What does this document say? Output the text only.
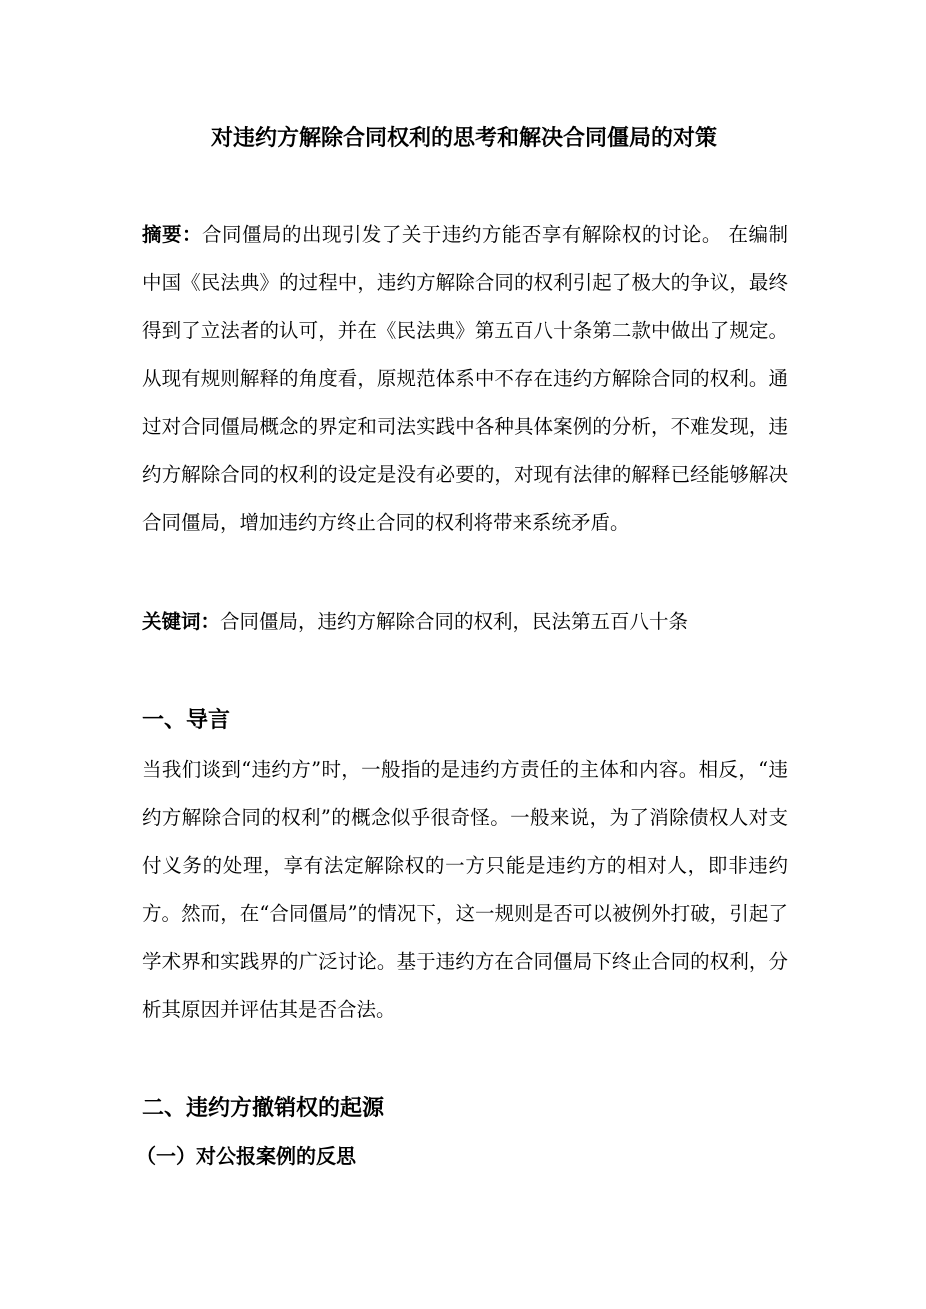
对违约方解除合同权利的思考和解决合同僵局的对策
摘要：合同僵局的出现引发了关于违约方能否享有解除权的讨论。 在编制中国《民法典》的过程中，违约方解除合同的权利引起了极大的争议，最终得到了立法者的认可，并在《民法典》第五百八十条第二款中做出了规定。从现有规则解释的角度看，原规范体系中不存在违约方解除合同的权利。通过对合同僵局概念的界定和司法实践中各种具体案例的分析，不难发现，违约方解除合同的权利的设定是没有必要的，对现有法律的解释已经能够解决合同僵局，增加违约方终止合同的权利将带来系统矛盾。
关键词：合同僵局，违约方解除合同的权利，民法第五百八十条
一、导言
当我们谈到“违约方”时，一般指的是违约方责任的主体和内容。相反，“违约方解除合同的权利”的概念似乎很奇怪。一般来说，为了消除债权人对支付义务的处理，享有法定解除权的一方只能是违约方的相对人，即非违约方。然而，在“合同僵局”的情况下，这一规则是否可以被例外打破，引起了学术界和实践界的广泛讨论。基于违约方在合同僵局下终止合同的权利，分析其原因并评估其是否合法。
二、违约方撤销权的起源
（一）对公报案例的反思
